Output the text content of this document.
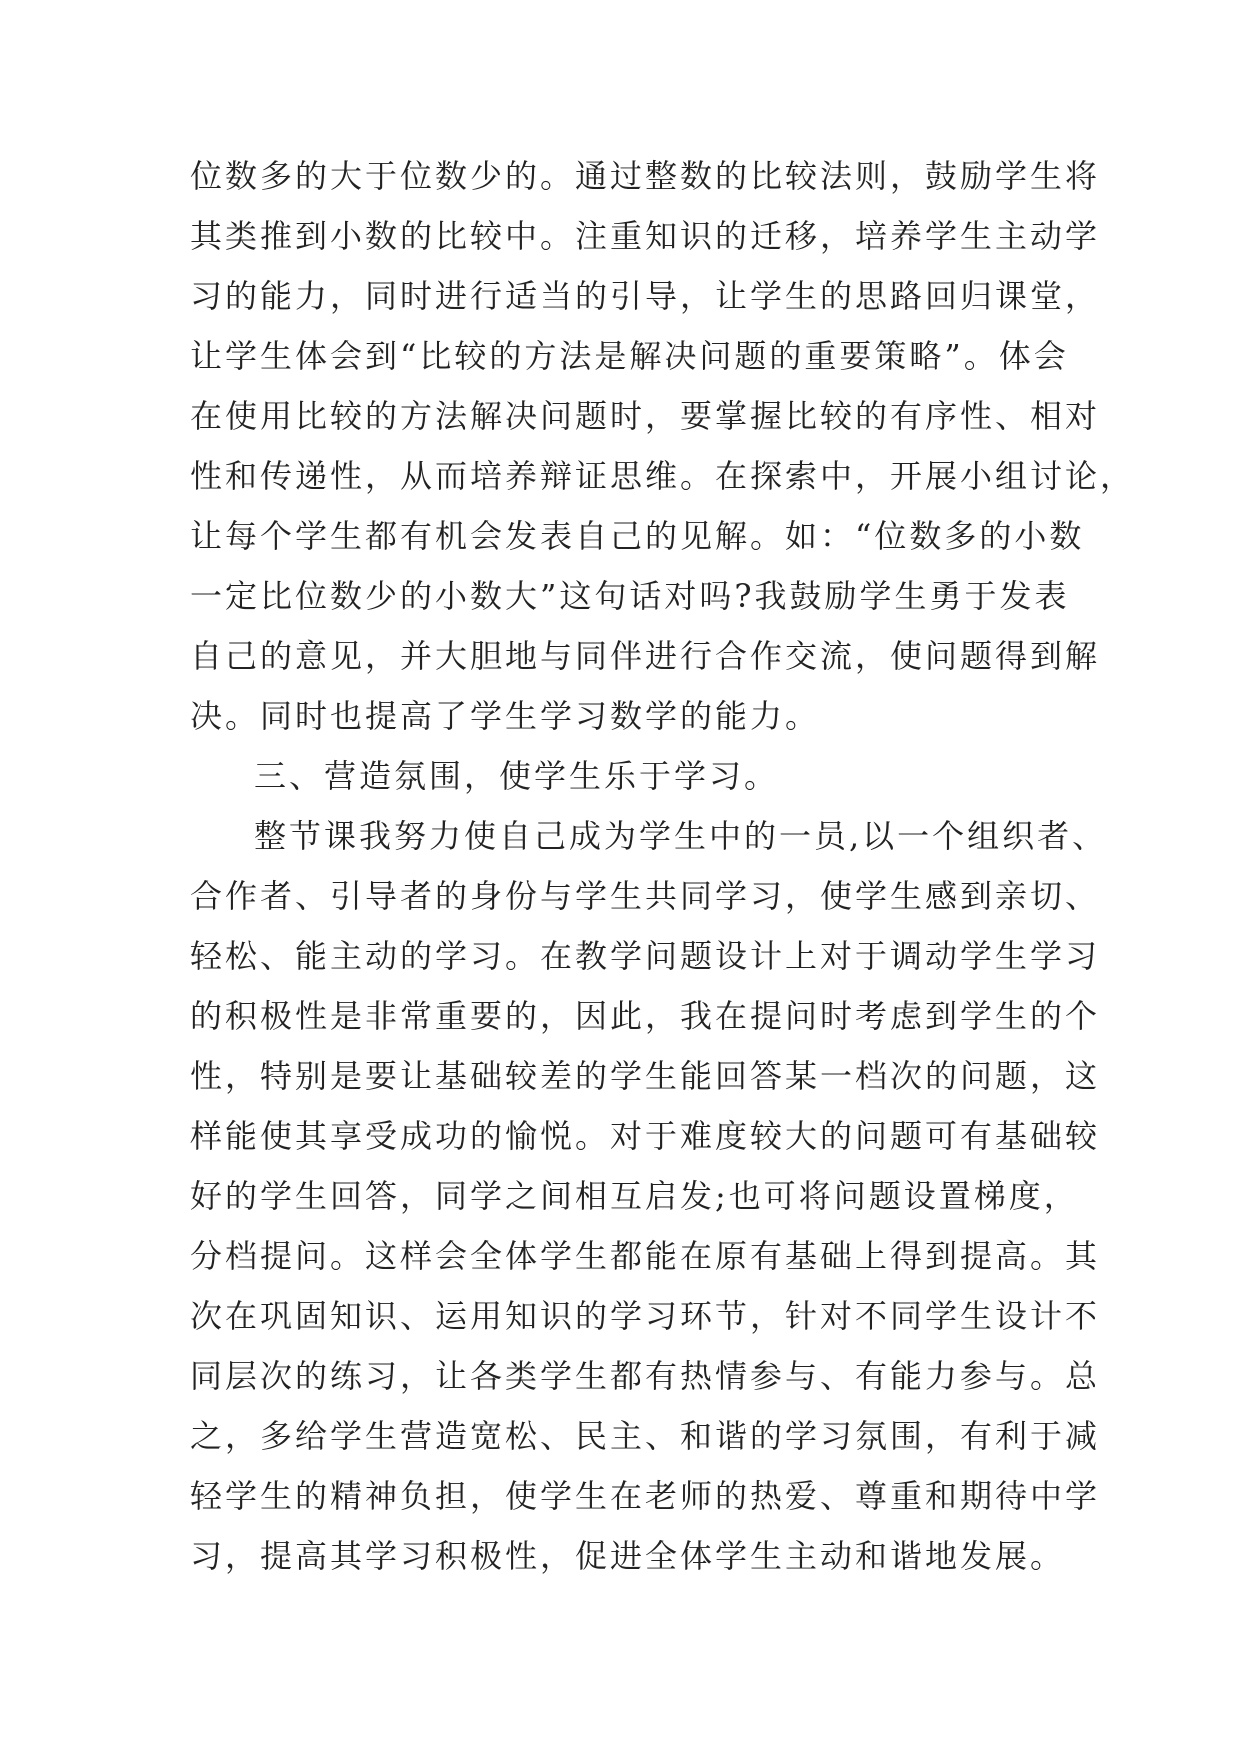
位数多的大于位数少的。通过整数的比较法则，鼓励学生将
其类推到小数的比较中。注重知识的迁移，培养学生主动学
习的能力，同时进行适当的引导，让学生的思路回归课堂，
让学生体会到“比较的方法是解决问题的重要策略”。体会
在使用比较的方法解决问题时，要掌握比较的有序性、相对
性和传递性，从而培养辩证思维。在探索中，开展小组讨论，
让每个学生都有机会发表自己的见解。如：“位数多的小数
一定比位数少的小数大”这句话对吗?我鼓励学生勇于发表
自己的意见，并大胆地与同伴进行合作交流，使问题得到解
决。同时也提高了学生学习数学的能力。
三、营造氛围，使学生乐于学习。
整节课我努力使自己成为学生中的一员,以一个组织者、
合作者、引导者的身份与学生共同学习，使学生感到亲切、
轻松、能主动的学习。在教学问题设计上对于调动学生学习
的积极性是非常重要的，因此，我在提问时考虑到学生的个
性，特别是要让基础较差的学生能回答某一档次的问题，这
样能使其享受成功的愉悦。对于难度较大的问题可有基础较
好的学生回答，同学之间相互启发;也可将问题设置梯度，
分档提问。这样会全体学生都能在原有基础上得到提高。其
次在巩固知识、运用知识的学习环节，针对不同学生设计不
同层次的练习，让各类学生都有热情参与、有能力参与。总
之，多给学生营造宽松、民主、和谐的学习氛围，有利于减
轻学生的精神负担，使学生在老师的热爱、尊重和期待中学
习，提高其学习积极性，促进全体学生主动和谐地发展。
